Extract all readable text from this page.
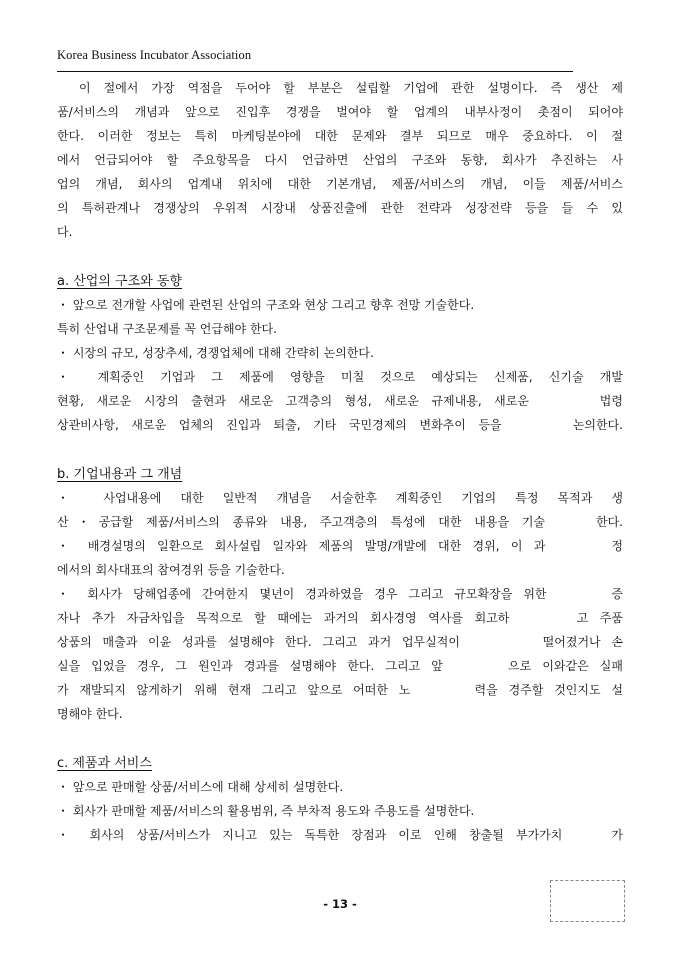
Korea Business Incubator Association
이 절에서 가장 역점을 두어야 할 부분은 설립할 기업에 관한 설명이다. 즉 생산 제
품/서비스의 개념과 앞으로 진입후 경쟁을 벌여야 할 업계의 내부사정이 촛점이 되어야
한다. 이러한 정보는 특히 마케팅분야에 대한 문제와 결부 되므로 매우 중요하다. 이 절
에서 언급되어야 할 주요항목을 다시 언급하면 산업의 구조와 동향, 회사가 추진하는 사
업의 개념, 회사의 업계내 위치에 대한 기본개념, 제품/서비스의 개념, 이들 제품/서비스
의 특허관계나 경쟁상의 우위적 시장내 상품진출에 관한 전략과 성장전략 등을 들 수 있
다.
a. 산업의 구조와 동향
・ 앞으로 전개할 사업에 관련된 산업의 구조와 현상 그리고 향후 전망 기술한다.
특히 산업내 구조문제를 꼭 언급해야 한다.
・ 시장의 규모, 성장추세, 경쟁업체에 대해 간략히 논의한다.
・ 계획중인 기업과 그 제품에 영향을 미칠 것으로 예상되는 신제품, 신기술 개발
현황, 새로운 시장의 출현과 새로운 고객층의 형성, 새로운 규제내용, 새로운　　　법령
상관비사항, 새로운 업체의 진입과 퇴출, 기타 국민경제의 변화추이 등을　　　논의한다.
b. 기업내용과 그 개념
・ 사업내용에 대한 일반적 개념을 서술한후 계획중인 기업의 특정 목적과 생
산・공급할 제품/서비스의 종류와 내용, 주고객층의 특성에 대한 내용을 기술　　한다.
・ 배경설명의 일환으로 회사설립 일자와 제품의 발명/개발에 대한 경위, 이 과　　　정
에서의 회사대표의 참여경위 등을 기술한다.
・ 회사가 당해업종에 간여한지 몇년이 경과하였을 경우 그리고 규모확장을 위한　　　증
자나 추가 자금차입을 목적으로 할 때에는 과거의 회사경영 역사를 회고하　　　고 주품
상품의 매출과 이윤 성과를 설명해야 한다. 그리고 과거 업무실적이　　　　떨어졌거나 손
실을 입었을 경우, 그 원인과 경과를 설명해야 한다. 그리고 앞　　　으로 이와같은 실패
가 재발되지 않게하기 위해 현재 그리고 앞으로 어떠한 노　　　력을 경주할 것인지도 설
명해야 한다.
c. 제품과 서비스
・ 앞으로 판매할 상품/서비스에 대해 상세히 설명한다.
・ 회사가 판매할 제품/서비스의 활용범위, 즉 부차적 용도와 주용도를 설명한다.
・ 회사의 상품/서비스가 지니고 있는 독특한 장점과 이로 인해 창출될 부가가치　　가
- 13 -
